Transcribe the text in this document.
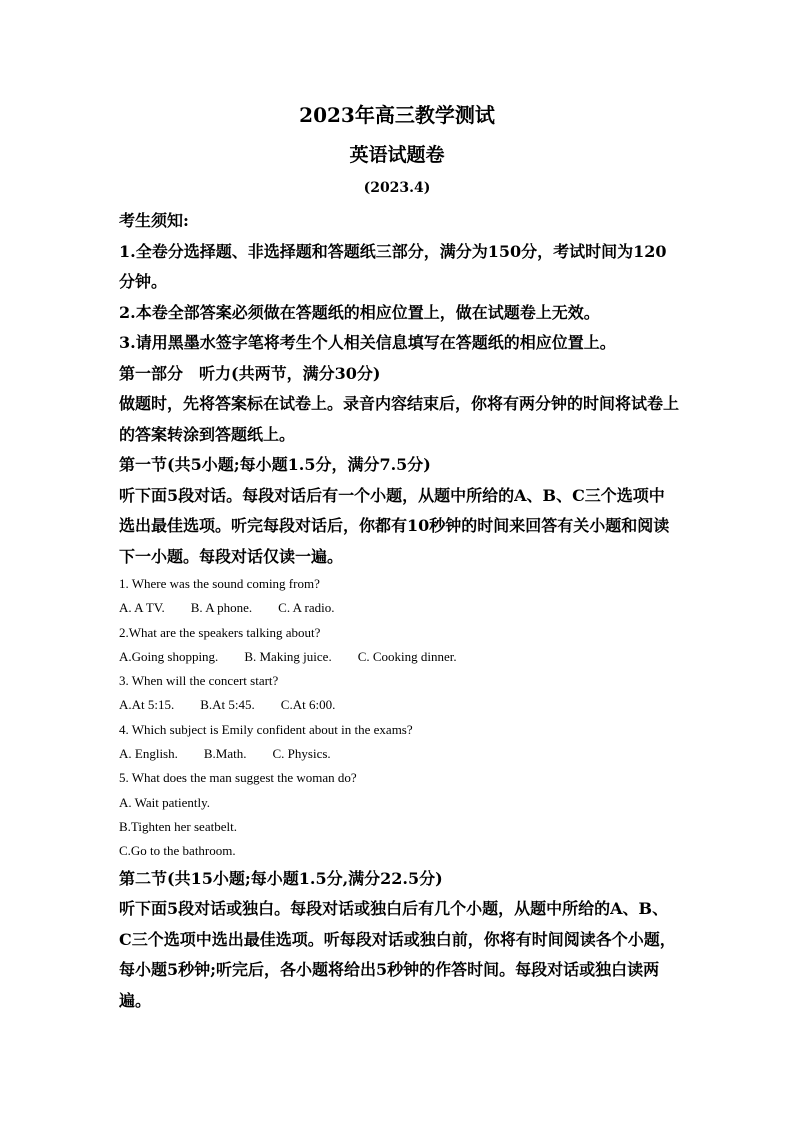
2023年高三教学测试
英语试题卷
(2023.4)

考生须知:

1.全卷分选择题、非选择题和答题纸三部分，满分为150分，考试时间为120分钟。

2.本卷全部答案必须做在答题纸的相应位置上，做在试题卷上无效。

3.请用黑墨水签字笔将考生个人相关信息填写在答题纸的相应位置上。

第一部分　听力(共两节，满分30分)

做题时，先将答案标在试卷上。录音内容结束后，你将有两分钟的时间将试卷上的答案转涂到答题纸上。

第一节(共5小题;每小题1.5分，满分7.5分)

听下面5段对话。每段对话后有一个小题，从题中所给的A、B、C三个选项中选出最佳选项。听完每段对话后，你都有10秒钟的时间来回答有关小题和阅读下一小题。每段对话仅读一遍。

1. Where was the sound coming from?

A. A TV. B. A phone. C. A radio.

2.What are the speakers talking about?

A.Going shopping. B. Making juice. C. Cooking dinner.

3. When will the concert start?

A.At 5:15. B.At 5:45. C.At 6:00.

4. Which subject is Emily confident about in the exams?

A. English. B.Math. C. Physics.

5. What does the man suggest the woman do?

A. Wait patiently.

B.Tighten her seatbelt.

C.Go to the bathroom.

第二节(共15小题;每小题1.5分,满分22.5分)

听下面5段对话或独白。每段对话或独白后有几个小题，从题中所给的A、B、C三个选项中选出最佳选项。听每段对话或独白前，你将有时间阅读各个小题，每小题5秒钟;听完后，各小题将给出5秒钟的作答时间。每段对话或独白读两遍。
